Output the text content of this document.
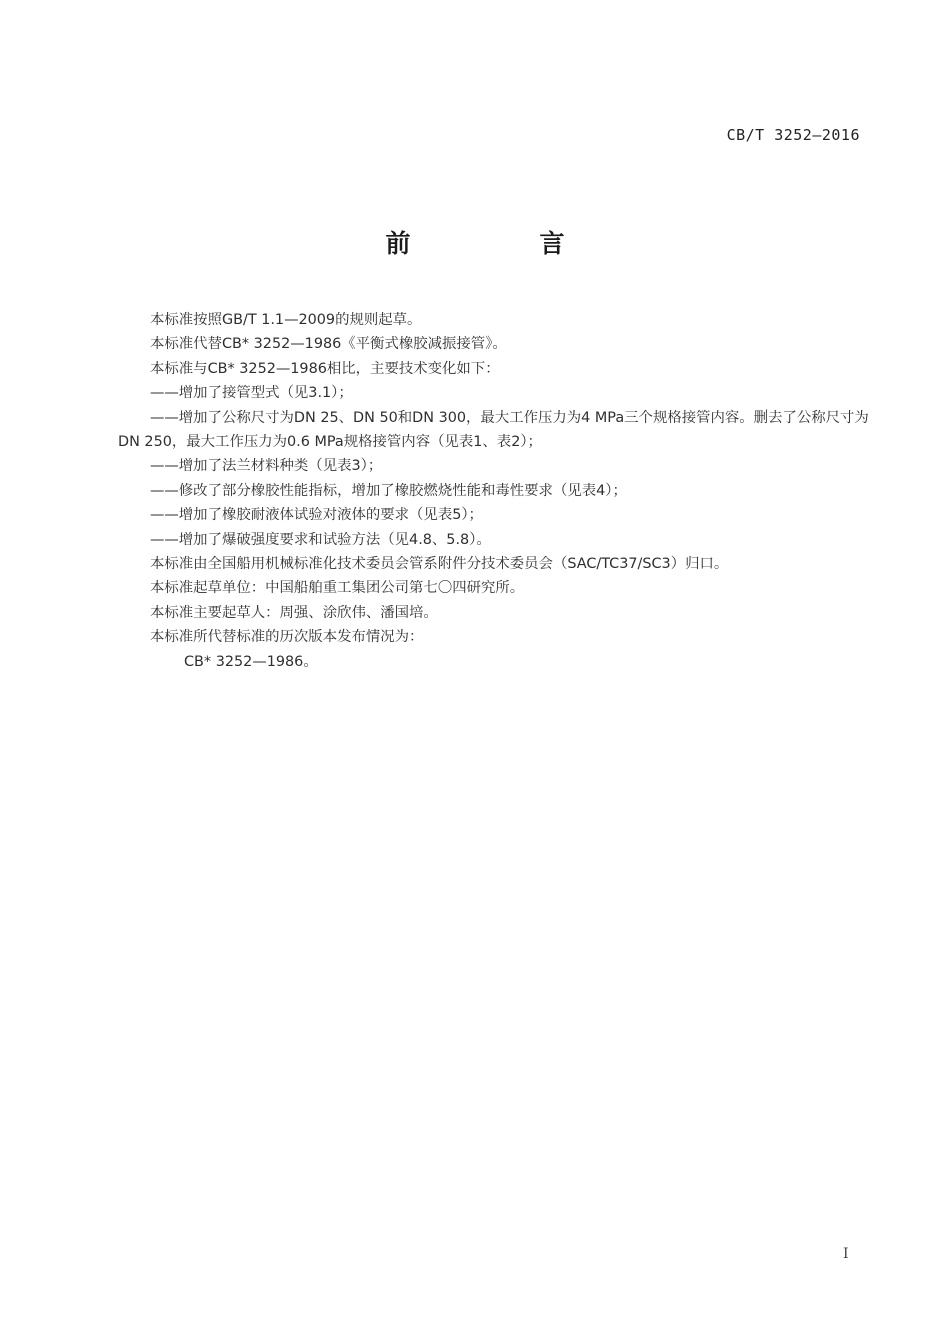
CB/T 3252—2016
前　言

本标准按照GB/T 1.1—2009的规则起草。

本标准代替CB* 3252—1986《平衡式橡胶减振接管》。

本标准与CB* 3252—1986相比，主要技术变化如下：

——增加了接管型式（见3.1）；

——增加了公称尺寸为DN 25、DN 50和DN 300，最大工作压力为4 MPa三个规格接管内容。删去了公称尺寸为DN 250，最大工作压力为0.6 MPa规格接管内容（见表1、表2）；

——增加了法兰材料种类（见表3）；

——修改了部分橡胶性能指标，增加了橡胶燃烧性能和毒性要求（见表4）；

——增加了橡胶耐液体试验对液体的要求（见表5）；

——增加了爆破强度要求和试验方法（见4.8、5.8）。

本标准由全国船用机械标准化技术委员会管系附件分技术委员会（SAC/TC37/SC3）归口。

本标准起草单位：中国船舶重工集团公司第七〇四研究所。

本标准主要起草人：周强、涂欣伟、潘国培。

本标准所代替标准的历次版本发布情况为：

CB* 3252—1986。

I
